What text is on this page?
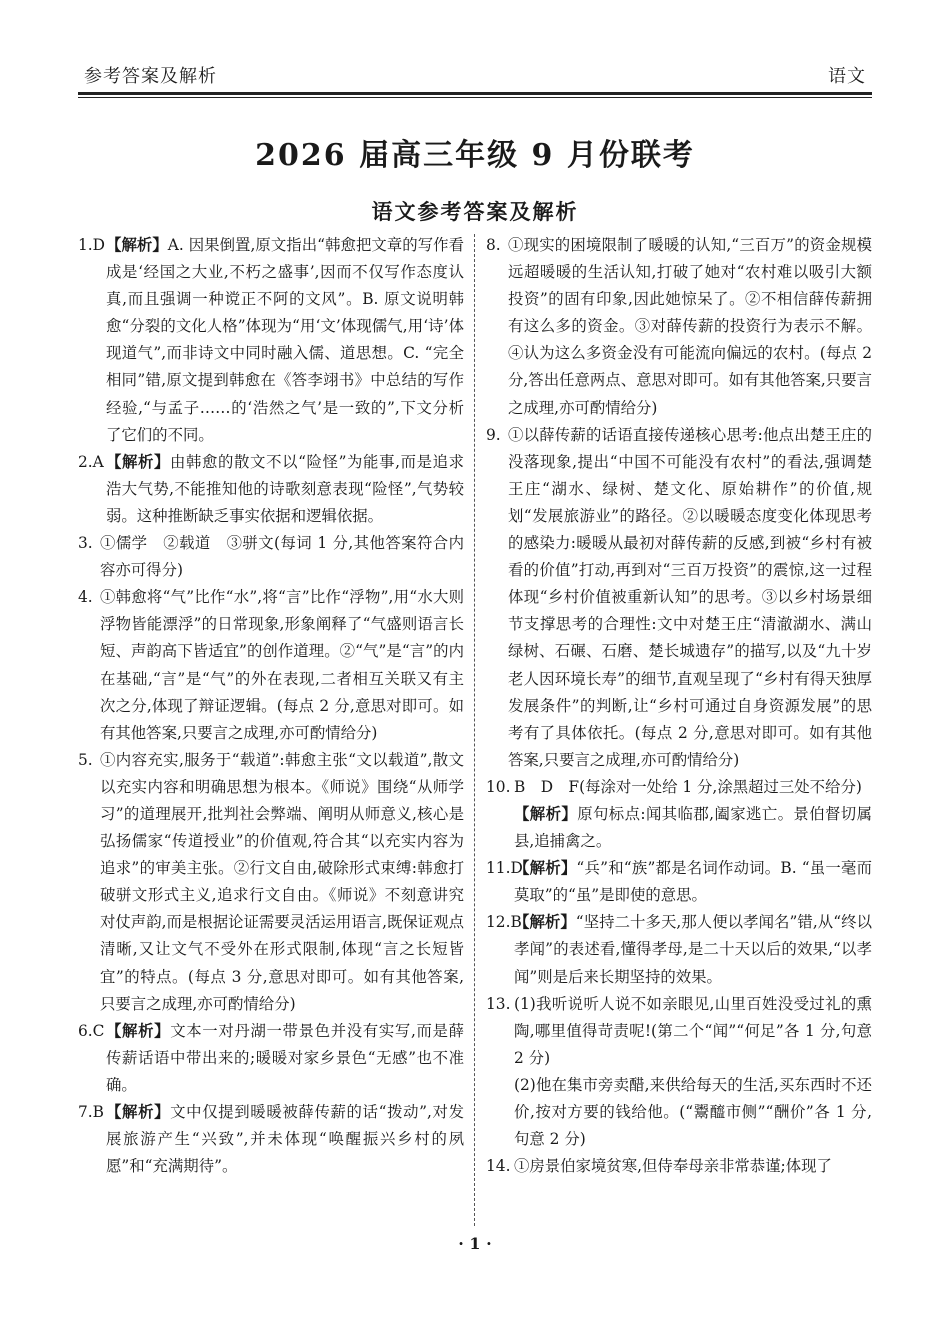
参考答案及解析	语文
2026 届高三年级 9 月份联考
语文参考答案及解析
1.D 【解析】A. 因果倒置,原文指出“韩愈把文章的写作看成是‘经国之大业,不朽之盛事’,因而不仅写作态度认真,而且强调一种谠正不阿的文风”。B. 原文说明韩愈“分裂的文化人格”体现为“用‘文’体现儒气,用‘诗’体现道气”,而非诗文中同时融入儒、道思想。C. “完全相同”错,原文提到韩愈在《答李翊书》中总结的写作经验,“与孟子……的‘浩然之气’是一致的”,下文分析了它们的不同。
2.A 【解析】由韩愈的散文不以“险怪”为能事,而是追求浩大气势,不能推知他的诗歌刻意表现“险怪”,气势较弱。这种推断缺乏事实依据和逻辑依据。
3. ①儒学　②载道　③骈文(每词 1 分,其他答案符合内容亦可得分)
4. ①韩愈将“气”比作“水”,将“言”比作“浮物”,用“水大则浮物皆能漂浮”的日常现象,形象阐释了“气盛则语言长短、声韵高下皆适宜”的创作道理。②“气”是“言”的内在基础,“言”是“气”的外在表现,二者相互关联又有主次之分,体现了辩证逻辑。(每点 2 分,意思对即可。如有其他答案,只要言之成理,亦可酌情给分)
5. ①内容充实,服务于“载道”:韩愈主张“文以载道”,散文以充实内容和明确思想为根本。《师说》围绕“从师学习”的道理展开,批判社会弊端、阐明从师意义,核心是弘扬儒家“传道授业”的价值观,符合其“以充实内容为追求”的审美主张。②行文自由,破除形式束缚:韩愈打破骈文形式主义,追求行文自由。《师说》不刻意讲究对仗声韵,而是根据论证需要灵活运用语言,既保证观点清晰,又让文气不受外在形式限制,体现“言之长短皆宜”的特点。(每点 3 分,意思对即可。如有其他答案,只要言之成理,亦可酌情给分)
6.C 【解析】文本一对丹湖一带景色并没有实写,而是薛传薪话语中带出来的;暖暖对家乡景色“无感”也不准确。
7.B 【解析】文中仅提到暖暖被薛传薪的话“拨动”,对发展旅游产生“兴致”,并未体现“唤醒振兴乡村的夙愿”和“充满期待”。
8. ①现实的困境限制了暖暖的认知,“三百万”的资金规模远超暖暖的生活认知,打破了她对“农村难以吸引大额投资”的固有印象,因此她惊呆了。②不相信薛传薪拥有这么多的资金。③对薛传薪的投资行为表示不解。④认为这么多资金没有可能流向偏远的农村。(每点 2 分,答出任意两点、意思对即可。如有其他答案,只要言之成理,亦可酌情给分)
9. ①以薛传薪的话语直接传递核心思考:他点出楚王庄的没落现象,提出“中国不可能没有农村”的看法,强调楚王庄“湖水、绿树、楚文化、原始耕作”的价值,规划“发展旅游业”的路径。②以暖暖态度变化体现思考的感染力:暖暖从最初对薛传薪的反感,到被“乡村有被看的价值”打动,再到对“三百万投资”的震惊,这一过程体现“乡村价值被重新认知”的思考。③以乡村场景细节支撑思考的合理性:文中对楚王庄“清澈湖水、满山绿树、石碾、石磨、楚长城遗存”的描写,以及“九十岁老人因环境长寿”的细节,直观呈现了“乡村有得天独厚发展条件”的判断,让“乡村可通过自身资源发展”的思考有了具体依托。(每点 2 分,意思对即可。如有其他答案,只要言之成理,亦可酌情给分)
10. B　D　F(每涂对一处给 1 分,涂黑超过三处不给分)
【解析】原句标点:闻其临郡,阖家逃亡。景伯督切属县,追捕禽之。
11.D
【解析】“兵”和“族”都是名词作动词。B. “虽一毫而莫取”的“虽”是即使的意思。
12.B
【解析】“坚持二十多天,那人便以孝闻名”错,从“终以孝闻”的表述看,懂得孝母,是二十天以后的效果,“以孝闻”则是后来长期坚持的效果。
13. (1)我听说听人说不如亲眼见,山里百姓没受过礼的熏陶,哪里值得苛责呢!(第二个“闻”“何足”各 1 分,句意 2 分)
(2)他在集市旁卖醋,来供给每天的生活,买东西时不还价,按对方要的钱给他。(“鬻醯市侧”“酬价”各 1 分,句意 2 分)
14. ①房景伯家境贫寒,但侍奉母亲非常恭谨;体现了
· 1 ·
